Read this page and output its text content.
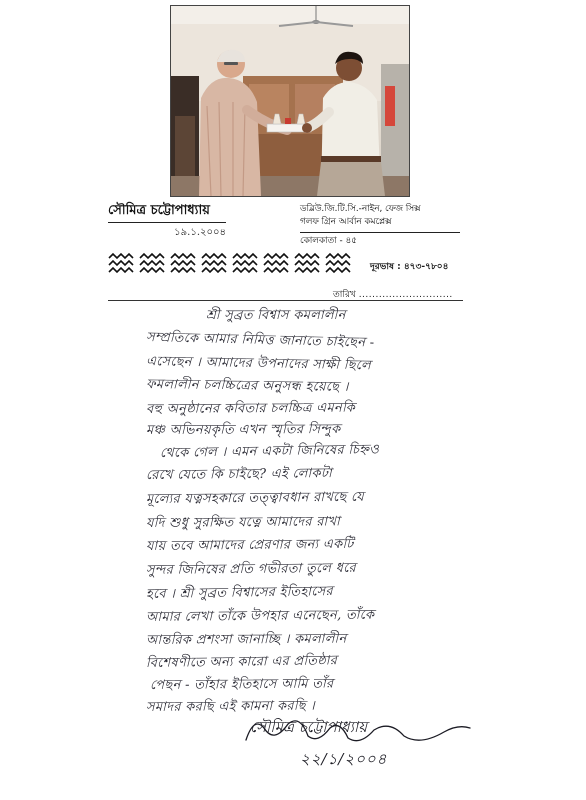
সৌমিত্র চট্টোপাধ্যায়
১৯.১.২০০৪
ডব্লিউ.জি.টি.সি.-নাইন, ফেজ সিক্স
গলফ গ্রিন আর্বান কমপ্লেক্স
কোলকাতা - ৪৫
দূরভাষ : ৪৭৩-৭৮০৪
তারিখ ............................
শ্রী সুব্রত বিশ্বাস কমলালীন
সম্প্রতিকে আমার নিমিত্ত জানাতে চাইছেন -
এসেছেন । আমাদের উপনাদের সাক্ষী ছিলে
ফমলালীন চলচ্চিত্রের অনুসন্ধ হয়েছে ।
বহু অনুষ্ঠানের কবিতার চলচ্চিত্র এমনকি
মঞ্চ অভিনয়কৃতি এখন স্মৃতির সিন্দুক
থেকে গেল । এমন একটা জিনিষের চিহ্নও
রেখে যেতে কি চাইছে? এই লোকটা
মূল্যের যত্নসহকারে তত্ত্বাবধান রাখছে যে
যদি শুধু সুরক্ষিত যত্নে আমাদের রাখা
যায় তবে আমাদের প্রেরণার জন্য একটি
সুন্দর জিনিষের প্রতি গভীরতা তুলে ধরে
হবে । শ্রী সুব্রত বিশ্বাসের ইতিহাসের
আমার লেখা তাঁকে উপহার এনেছেন, তাঁকে
আন্তরিক প্রশংসা জানাচ্ছি । কমলালীন
বিশেষণীতে অন্য কারো এর প্রতিষ্ঠার
পেছন - তাঁহার ইতিহাসে আমি তাঁর
সমাদর করছি এই কামনা করছি ।
সৌমিত্র চট্টোপাধ্যায়
২২/১/২০০৪
